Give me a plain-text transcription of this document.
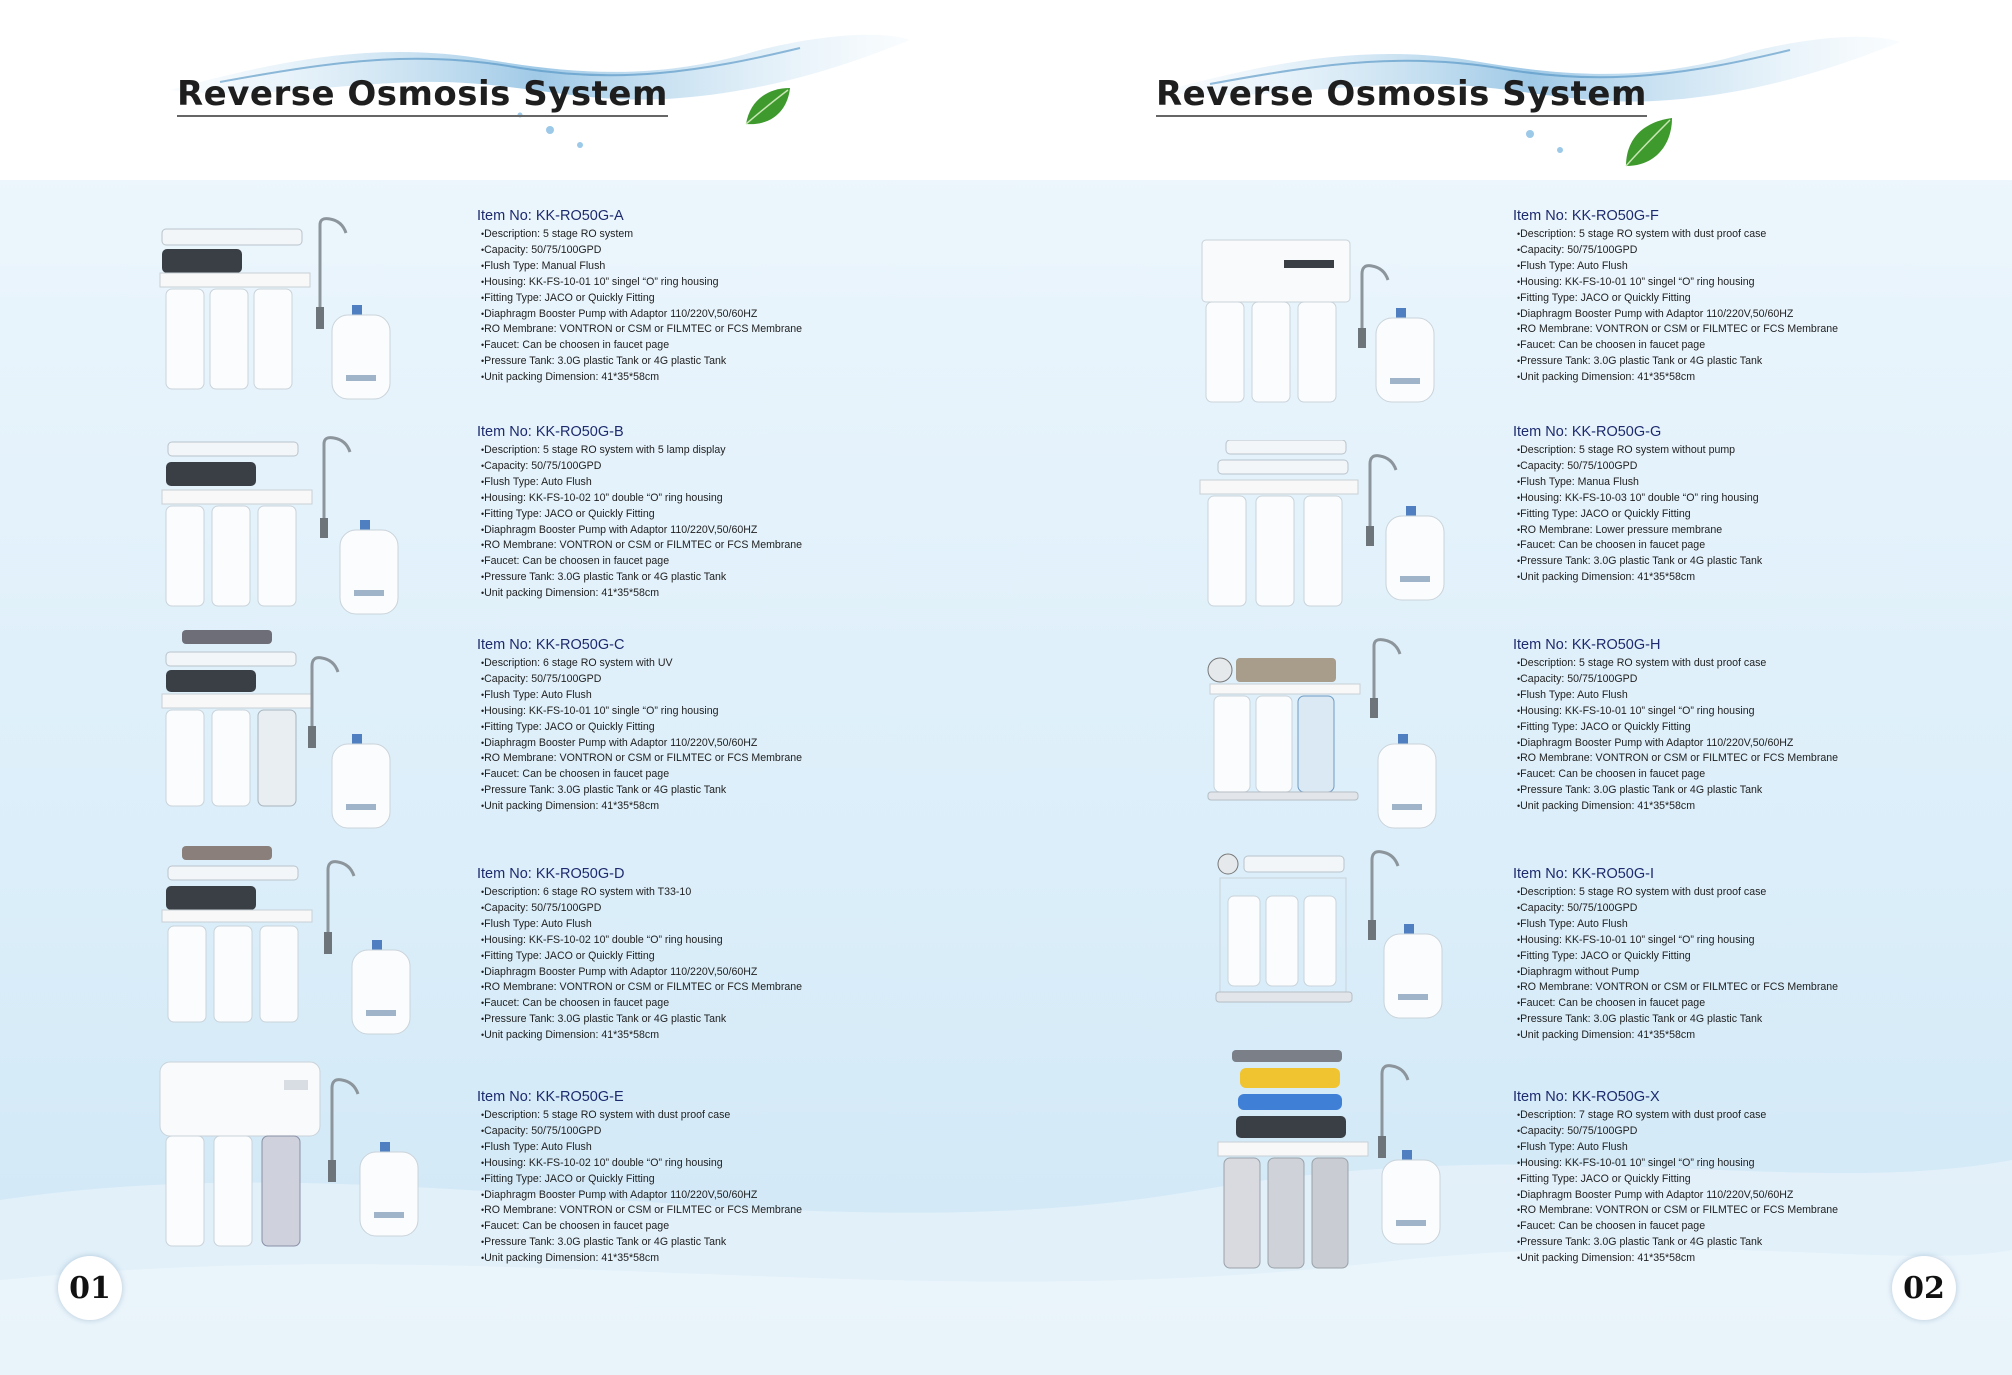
Reverse Osmosis System	Reverse Osmosis System
Item No: KK-RO50G-A
• Description: 5 stage RO system
• Capacity: 50/75/100GPD
• Flush Type: Manual Flush
• Housing: KK-FS-10-01 10” singel “O” ring housing
• Fitting Type: JACO or Quickly Fitting
• Diaphragm Booster Pump with Adaptor 110/220V,50/60HZ
• RO Membrane: VONTRON or CSM or FILMTEC or FCS Membrane
• Faucet: Can be choosen in faucet page
• Pressure Tank: 3.0G plastic Tank or 4G plastic Tank
• Unit packing Dimension: 41*35*58cm
Item No: KK-RO50G-B
• Description: 5 stage RO system with 5 lamp display
• Capacity: 50/75/100GPD
• Flush Type: Auto Flush
• Housing: KK-FS-10-02 10” double “O” ring housing
• Fitting Type: JACO or Quickly Fitting
• Diaphragm Booster Pump with Adaptor 110/220V,50/60HZ
• RO Membrane: VONTRON or CSM or FILMTEC or FCS Membrane
• Faucet: Can be choosen in faucet page
• Pressure Tank: 3.0G plastic Tank or 4G plastic Tank
• Unit packing Dimension: 41*35*58cm
Item No: KK-RO50G-C
• Description: 6 stage RO system with UV
• Capacity: 50/75/100GPD
• Flush Type: Auto Flush
• Housing: KK-FS-10-01 10” single “O” ring housing
• Fitting Type: JACO or Quickly Fitting
• Diaphragm Booster Pump with Adaptor 110/220V,50/60HZ
• RO Membrane: VONTRON or CSM or FILMTEC or FCS Membrane
• Faucet: Can be choosen in faucet page
• Pressure Tank: 3.0G plastic Tank or 4G plastic Tank
• Unit packing Dimension: 41*35*58cm
Item No: KK-RO50G-D
• Description: 6 stage RO system with T33-10
• Capacity: 50/75/100GPD
• Flush Type: Auto Flush
• Housing: KK-FS-10-02 10” double “O” ring housing
• Fitting Type: JACO or Quickly Fitting
• Diaphragm Booster Pump with Adaptor 110/220V,50/60HZ
• RO Membrane: VONTRON or CSM or FILMTEC or FCS Membrane
• Faucet: Can be choosen in faucet page
• Pressure Tank: 3.0G plastic Tank or 4G plastic Tank
• Unit packing Dimension: 41*35*58cm
Item No: KK-RO50G-E
• Description: 5 stage RO system with dust proof case
• Capacity: 50/75/100GPD
• Flush Type: Auto Flush
• Housing: KK-FS-10-02 10” double “O” ring housing
• Fitting Type: JACO or Quickly Fitting
• Diaphragm Booster Pump with Adaptor 110/220V,50/60HZ
• RO Membrane: VONTRON or CSM or FILMTEC or FCS Membrane
• Faucet: Can be choosen in faucet page
• Pressure Tank: 3.0G plastic Tank or 4G plastic Tank
• Unit packing Dimension: 41*35*58cm
01
Item No: KK-RO50G-F
• Description: 5 stage RO system with dust proof case
• Capacity: 50/75/100GPD
• Flush Type: Auto Flush
• Housing: KK-FS-10-01 10” singel “O” ring housing
• Fitting Type: JACO or Quickly Fitting
• Diaphragm Booster Pump with Adaptor 110/220V,50/60HZ
• RO Membrane: VONTRON or CSM or FILMTEC or FCS Membrane
• Faucet: Can be choosen in faucet page
• Pressure Tank: 3.0G plastic Tank or 4G plastic Tank
• Unit packing Dimension: 41*35*58cm
Item No: KK-RO50G-G
• Description: 5 stage RO system without pump
• Capacity: 50/75/100GPD
• Flush Type: Manua Flush
• Housing: KK-FS-10-03 10” double “O” ring housing
• Fitting Type: JACO or Quickly Fitting
• RO Membrane: Lower pressure membrane
• Faucet: Can be choosen in faucet page
• Pressure Tank: 3.0G plastic Tank or 4G plastic Tank
• Unit packing Dimension: 41*35*58cm
Item No: KK-RO50G-H
• Description: 5 stage RO system with dust proof case
• Capacity: 50/75/100GPD
• Flush Type: Auto Flush
• Housing: KK-FS-10-01 10” singel “O” ring housing
• Fitting Type: JACO or Quickly Fitting
• Diaphragm Booster Pump with Adaptor 110/220V,50/60HZ
• RO Membrane: VONTRON or CSM or FILMTEC or FCS Membrane
• Faucet: Can be choosen in faucet page
• Pressure Tank: 3.0G plastic Tank or 4G plastic Tank
• Unit packing Dimension: 41*35*58cm
Item No: KK-RO50G-I
• Description: 5 stage RO system with dust proof case
• Capacity: 50/75/100GPD
• Flush Type: Auto Flush
• Housing: KK-FS-10-01 10” singel “O” ring housing
• Fitting Type: JACO or Quickly Fitting
• Diaphragm without Pump
• RO Membrane: VONTRON or CSM or FILMTEC or FCS Membrane
• Faucet: Can be choosen in faucet page
• Pressure Tank: 3.0G plastic Tank or 4G plastic Tank
• Unit packing Dimension: 41*35*58cm
Item No: KK-RO50G-X
• Description: 7 stage RO system with dust proof case
• Capacity: 50/75/100GPD
• Flush Type: Auto Flush
• Housing: KK-FS-10-01 10” singel “O” ring housing
• Fitting Type: JACO or Quickly Fitting
• Diaphragm Booster Pump with Adaptor 110/220V,50/60HZ
• RO Membrane: VONTRON or CSM or FILMTEC or FCS Membrane
• Faucet: Can be choosen in faucet page
• Pressure Tank: 3.0G plastic Tank or 4G plastic Tank
• Unit packing Dimension: 41*35*58cm
02
